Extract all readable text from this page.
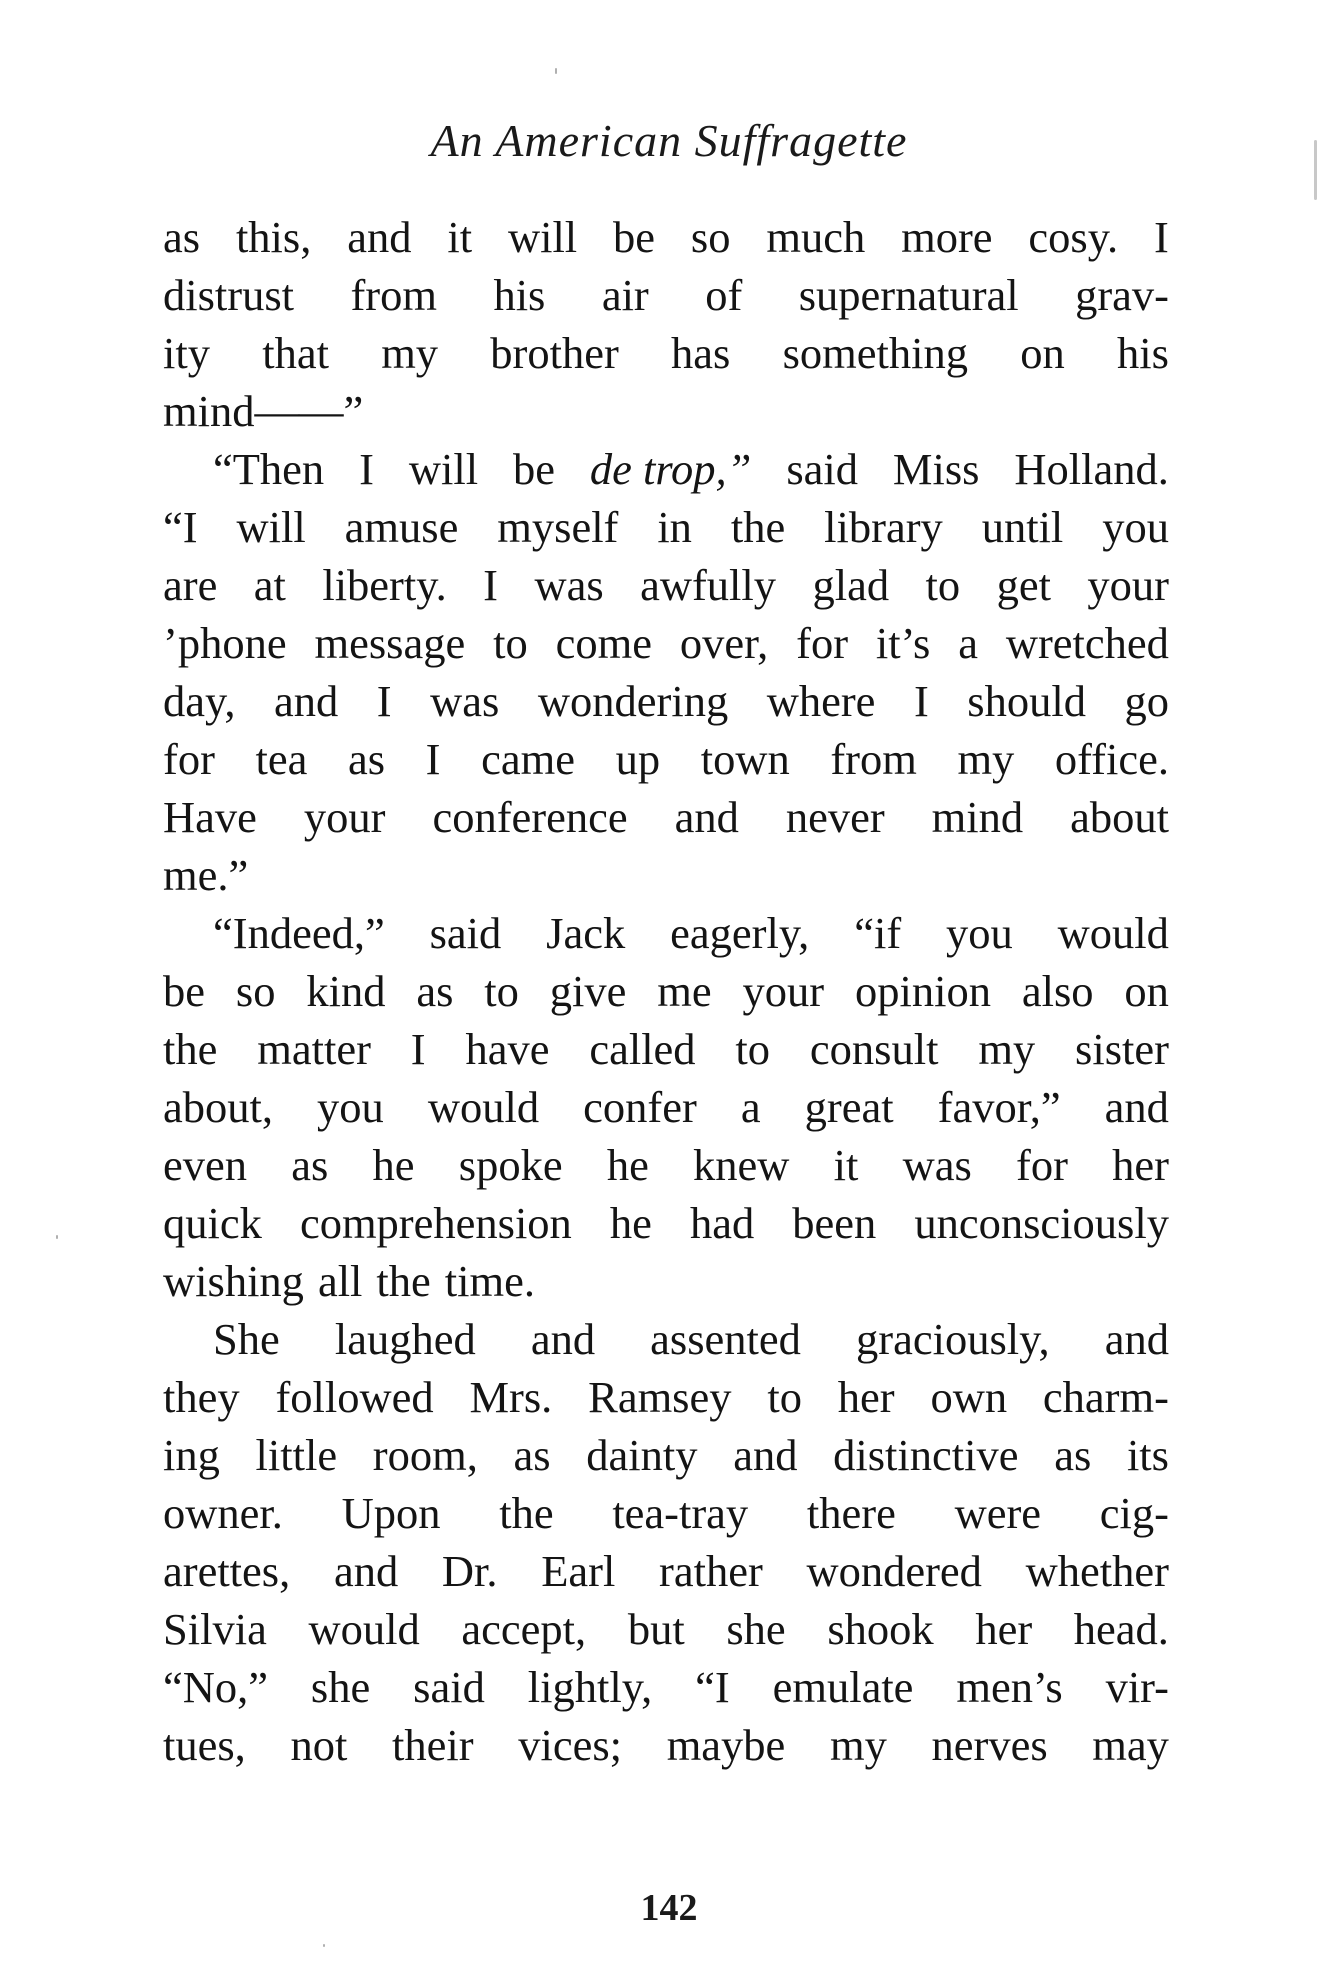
An American Suffragette
as this, and it will be so much more cosy. I
distrust from his air of supernatural grav-
ity that my brother has something on his
mind——”
“Then I will be de trop,” said Miss Holland.
“I will amuse myself in the library until you
are at liberty. I was awfully glad to get your
’phone message to come over, for it’s a wretched
day, and I was wondering where I should go
for tea as I came up town from my office.
Have your conference and never mind about
me.”
“Indeed,” said Jack eagerly, “if you would
be so kind as to give me your opinion also on
the matter I have called to consult my sister
about, you would confer a great favor,” and
even as he spoke he knew it was for her
quick comprehension he had been unconsciously
wishing all the time.
She laughed and assented graciously, and
they followed Mrs. Ramsey to her own charm-
ing little room, as dainty and distinctive as its
owner. Upon the tea-tray there were cig-
arettes, and Dr. Earl rather wondered whether
Silvia would accept, but she shook her head.
“No,” she said lightly, “I emulate men’s vir-
tues, not their vices; maybe my nerves may
142
